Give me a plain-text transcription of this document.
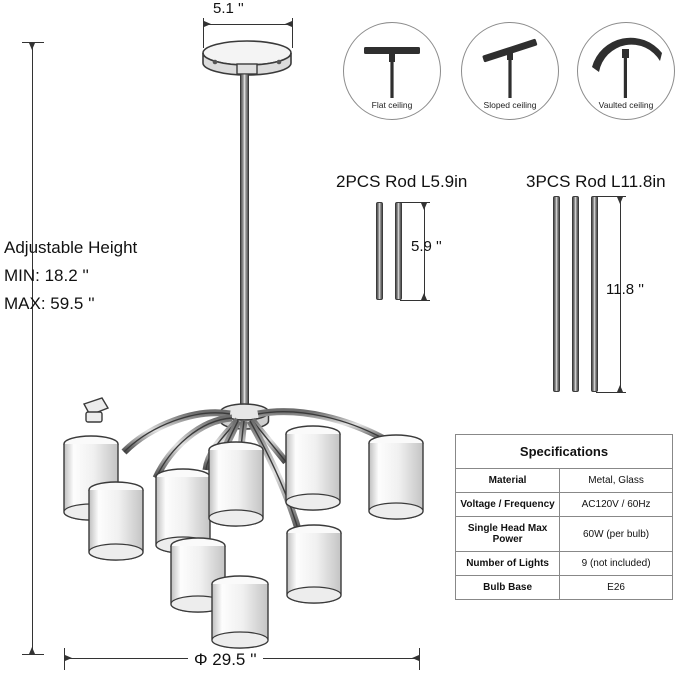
5.1 ''
Flat ceiling	Sloped ceiling	Vaulted ceiling
2PCS Rod L5.9in
5.9 ''
3PCS Rod L11.8in
11.8 ''
Adjustable Height
MIN: 18.2 ''
MAX: 59.5 ''
Φ 29.5 ''
Specifications	
Material	Metal, Glass
Voltage / Frequency	AC120V / 60Hz
Single Head Max Power	60W (per bulb)
Number of Lights	9 (not included)
Bulb Base	E26
